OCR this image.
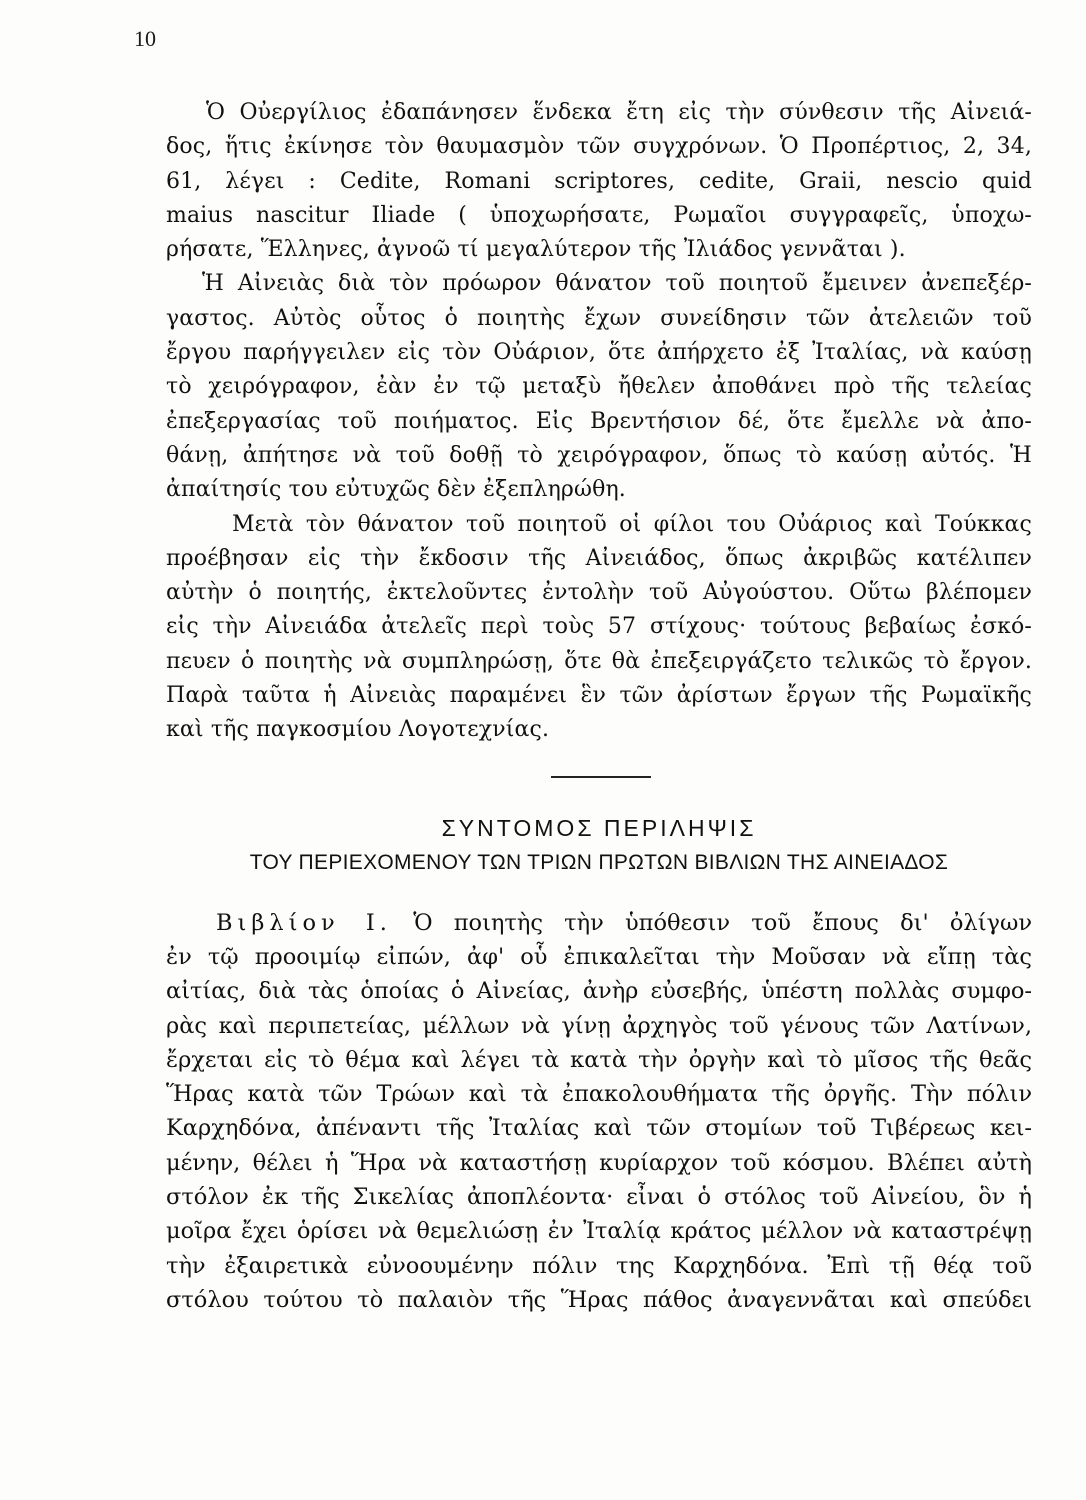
10
Ὁ Οὐεργίλιος ἐδαπάνησεν ἕνδεκα ἔτη εἰς τὴν σύνθεσιν τῆς Αἰνειά-
δος, ἥτις ἐκίνησε τὸν θαυμασμὸν τῶν συγχρόνων. Ὁ Προπέρτιος, 2, 34,
61, λέγει : Cedite, Romani scriptores, cedite, Graii, nescio quid
maius nascitur Iliade ( ὑποχωρήσατε, Ρωμαῖοι συγγραφεῖς, ὑποχω-
ρήσατε, Ἕλληνες, ἀγνοῶ τί μεγαλύτερον τῆς Ἰλιάδος γεννᾶται ).
Ἡ Αἰνειὰς διὰ τὸν πρόωρον θάνατον τοῦ ποιητοῦ ἔμεινεν ἀνεπεξέρ-
γαστος. Αὐτὸς οὗτος ὁ ποιητὴς ἔχων συνείδησιν τῶν ἀτελειῶν τοῦ
ἔργου παρήγγειλεν εἰς τὸν Οὐάριον, ὅτε ἀπήρχετο ἐξ Ἰταλίας, νὰ καύσῃ
τὸ χειρόγραφον, ἐὰν ἐν τῷ μεταξὺ ἤθελεν ἀποθάνει πρὸ τῆς τελείας
ἐπεξεργασίας τοῦ ποιήματος. Εἰς Βρεντήσιον δέ, ὅτε ἔμελλε νὰ ἀπο-
θάνῃ, ἀπήτησε νὰ τοῦ δοθῇ τὸ χειρόγραφον, ὅπως τὸ καύσῃ αὐτός. Ἡ
ἀπαίτησίς του εὐτυχῶς δὲν ἐξεπληρώθη.
Μετὰ τὸν θάνατον τοῦ ποιητοῦ οἱ φίλοι του Οὐάριος καὶ Τούκκας
προέβησαν εἰς τὴν ἔκδοσιν τῆς Αἰνειάδος, ὅπως ἀκριβῶς κατέλιπεν
αὐτὴν ὁ ποιητής, ἐκτελοῦντες ἐντολὴν τοῦ Αὐγούστου. Οὕτω βλέπομεν
εἰς τὴν Αἰνειάδα ἀτελεῖς περὶ τοὺς 57 στίχους· τούτους βεβαίως ἐσκό-
πευεν ὁ ποιητὴς νὰ συμπληρώσῃ, ὅτε θὰ ἐπεξειργάζετο τελικῶς τὸ ἔργον.
Παρὰ ταῦτα ἡ Αἰνειὰς παραμένει ἓν τῶν ἀρίστων ἔργων τῆς Ρωμαϊκῆς
καὶ τῆς παγκοσμίου Λογοτεχνίας.
ΣΥΝΤΟΜΟΣ ΠΕΡΙΛΗΨΙΣ
ΤΟΥ ΠΕΡΙΕΧΟΜΕΝΟΥ ΤΩΝ ΤΡΙΩΝ ΠΡΩΤΩΝ ΒΙΒΛΙΩΝ ΤΗΣ ΑΙΝΕΙΑΔΟΣ
Βιβλίον Ι. Ὁ ποιητὴς τὴν ὑπόθεσιν τοῦ ἔπους δι' ὀλίγων
ἐν τῷ προοιμίῳ εἰπών, ἀφ' οὗ ἐπικαλεῖται τὴν Μοῦσαν νὰ εἴπῃ τὰς
αἰτίας, διὰ τὰς ὁποίας ὁ Αἰνείας, ἀνὴρ εὐσεβής, ὑπέστη πολλὰς συμφο-
ρὰς καὶ περιπετείας, μέλλων νὰ γίνῃ ἀρχηγὸς τοῦ γένους τῶν Λατίνων,
ἔρχεται εἰς τὸ θέμα καὶ λέγει τὰ κατὰ τὴν ὀργὴν καὶ τὸ μῖσος τῆς θεᾶς
Ἥρας κατὰ τῶν Τρώων καὶ τὰ ἐπακολουθήματα τῆς ὀργῆς. Τὴν πόλιν
Καρχηδόνα, ἀπέναντι τῆς Ἰταλίας καὶ τῶν στομίων τοῦ Τιβέρεως κει-
μένην, θέλει ἡ Ἥρα νὰ καταστήσῃ κυρίαρχον τοῦ κόσμου. Βλέπει αὐτὴ
στόλον ἐκ τῆς Σικελίας ἀποπλέοντα· εἶναι ὁ στόλος τοῦ Αἰνείου, ὃν ἡ
μοῖρα ἔχει ὁρίσει νὰ θεμελιώσῃ ἐν Ἰταλίᾳ κράτος μέλλον νὰ καταστρέψῃ
τὴν ἐξαιρετικὰ εὐνοουμένην πόλιν της Καρχηδόνα. Ἐπὶ τῇ θέᾳ τοῦ
στόλου τούτου τὸ παλαιὸν τῆς Ἥρας πάθος ἀναγεννᾶται καὶ σπεύδει
